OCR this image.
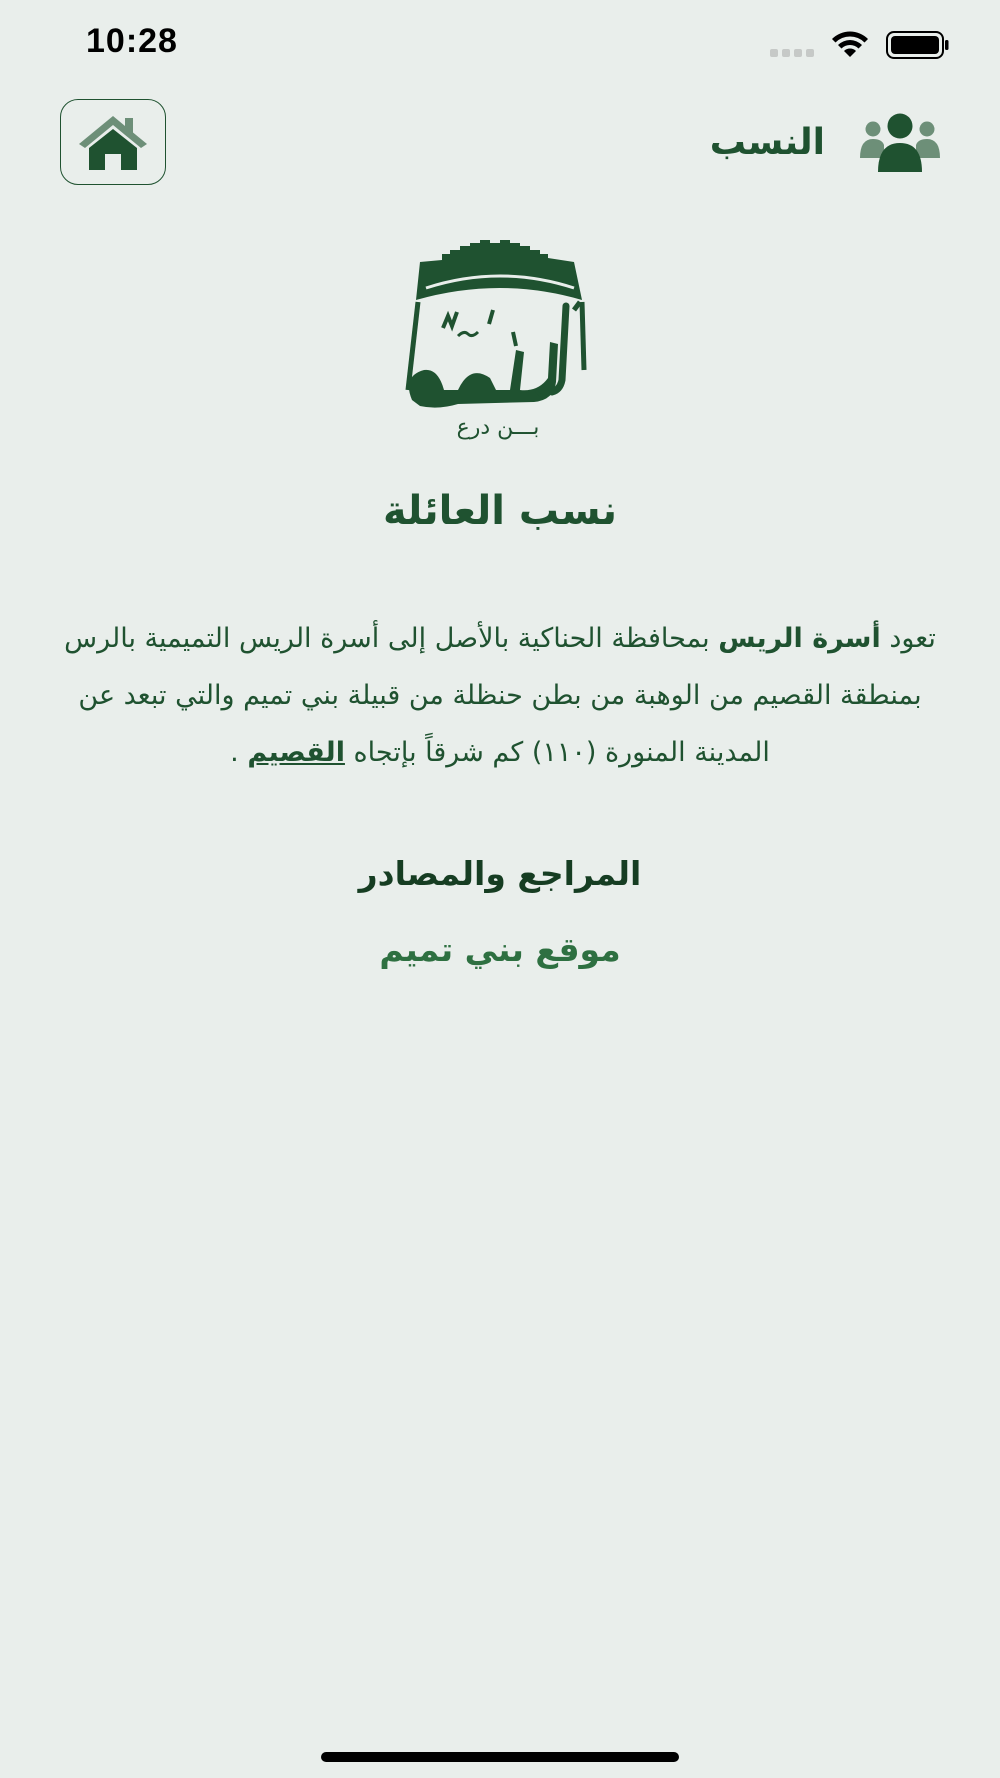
10:28
النسب
بـــن درع
نسب العائلة
تعود أسرة الريس بمحافظة الحناكية بالأصل إلى أسرة الريس التميمية بالرس بمنطقة القصيم من الوهبة من بطن حنظلة من قبيلة بني تميم والتي تبعد عن المدينة المنورة (١١٠) كم شرقاً بإتجاه القصيم .
المراجع والمصادر
موقع بني تميم
